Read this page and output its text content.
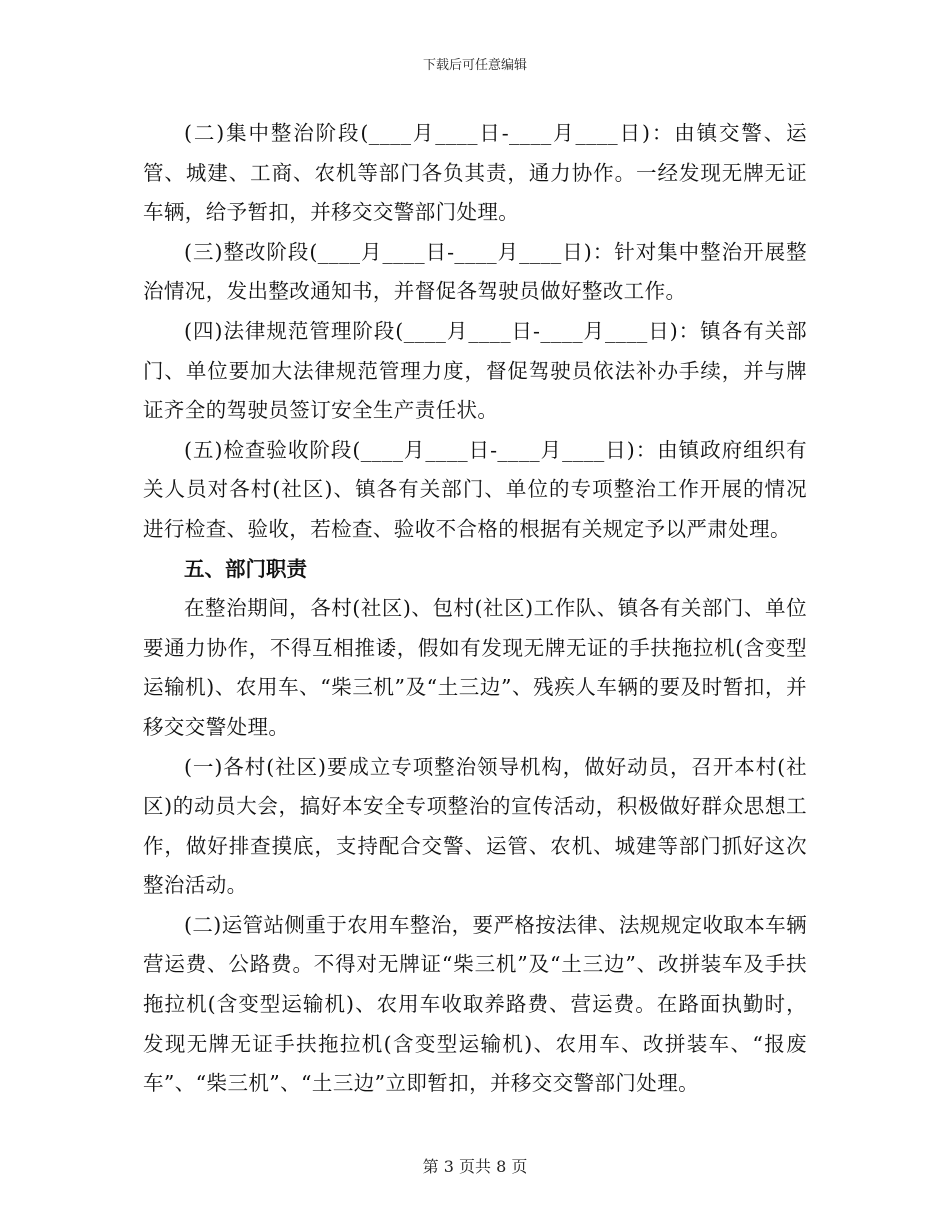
下载后可任意编辑

(二)集中整治阶段(____月____日-____月____日)：由镇交警、运管、城建、工商、农机等部门各负其责，通力协作。一经发现无牌无证车辆，给予暂扣，并移交交警部门处理。

(三)整改阶段(____月____日-____月____日)：针对集中整治开展整治情况，发出整改通知书，并督促各驾驶员做好整改工作。

(四)法律规范管理阶段(____月____日-____月____日)：镇各有关部门、单位要加大法律规范管理力度，督促驾驶员依法补办手续，并与牌证齐全的驾驶员签订安全生产责任状。

(五)检查验收阶段(____月____日-____月____日)：由镇政府组织有关人员对各村(社区)、镇各有关部门、单位的专项整治工作开展的情况进行检查、验收，若检查、验收不合格的根据有关规定予以严肃处理。

五、部门职责

在整治期间，各村(社区)、包村(社区)工作队、镇各有关部门、单位要通力协作，不得互相推诿，假如有发现无牌无证的手扶拖拉机(含变型运输机)、农用车、“柴三机”及“土三边”、残疾人车辆的要及时暂扣，并移交交警处理。

(一)各村(社区)要成立专项整治领导机构，做好动员，召开本村(社区)的动员大会，搞好本安全专项整治的宣传活动，积极做好群众思想工作，做好排查摸底，支持配合交警、运管、农机、城建等部门抓好这次整治活动。

(二)运管站侧重于农用车整治，要严格按法律、法规规定收取本车辆营运费、公路费。不得对无牌证“柴三机”及“土三边”、改拼装车及手扶拖拉机(含变型运输机)、农用车收取养路费、营运费。在路面执勤时，发现无牌无证手扶拖拉机(含变型运输机)、农用车、改拼装车、“报废车”、“柴三机”、“土三边”立即暂扣，并移交交警部门处理。

第 3 页共 8 页
